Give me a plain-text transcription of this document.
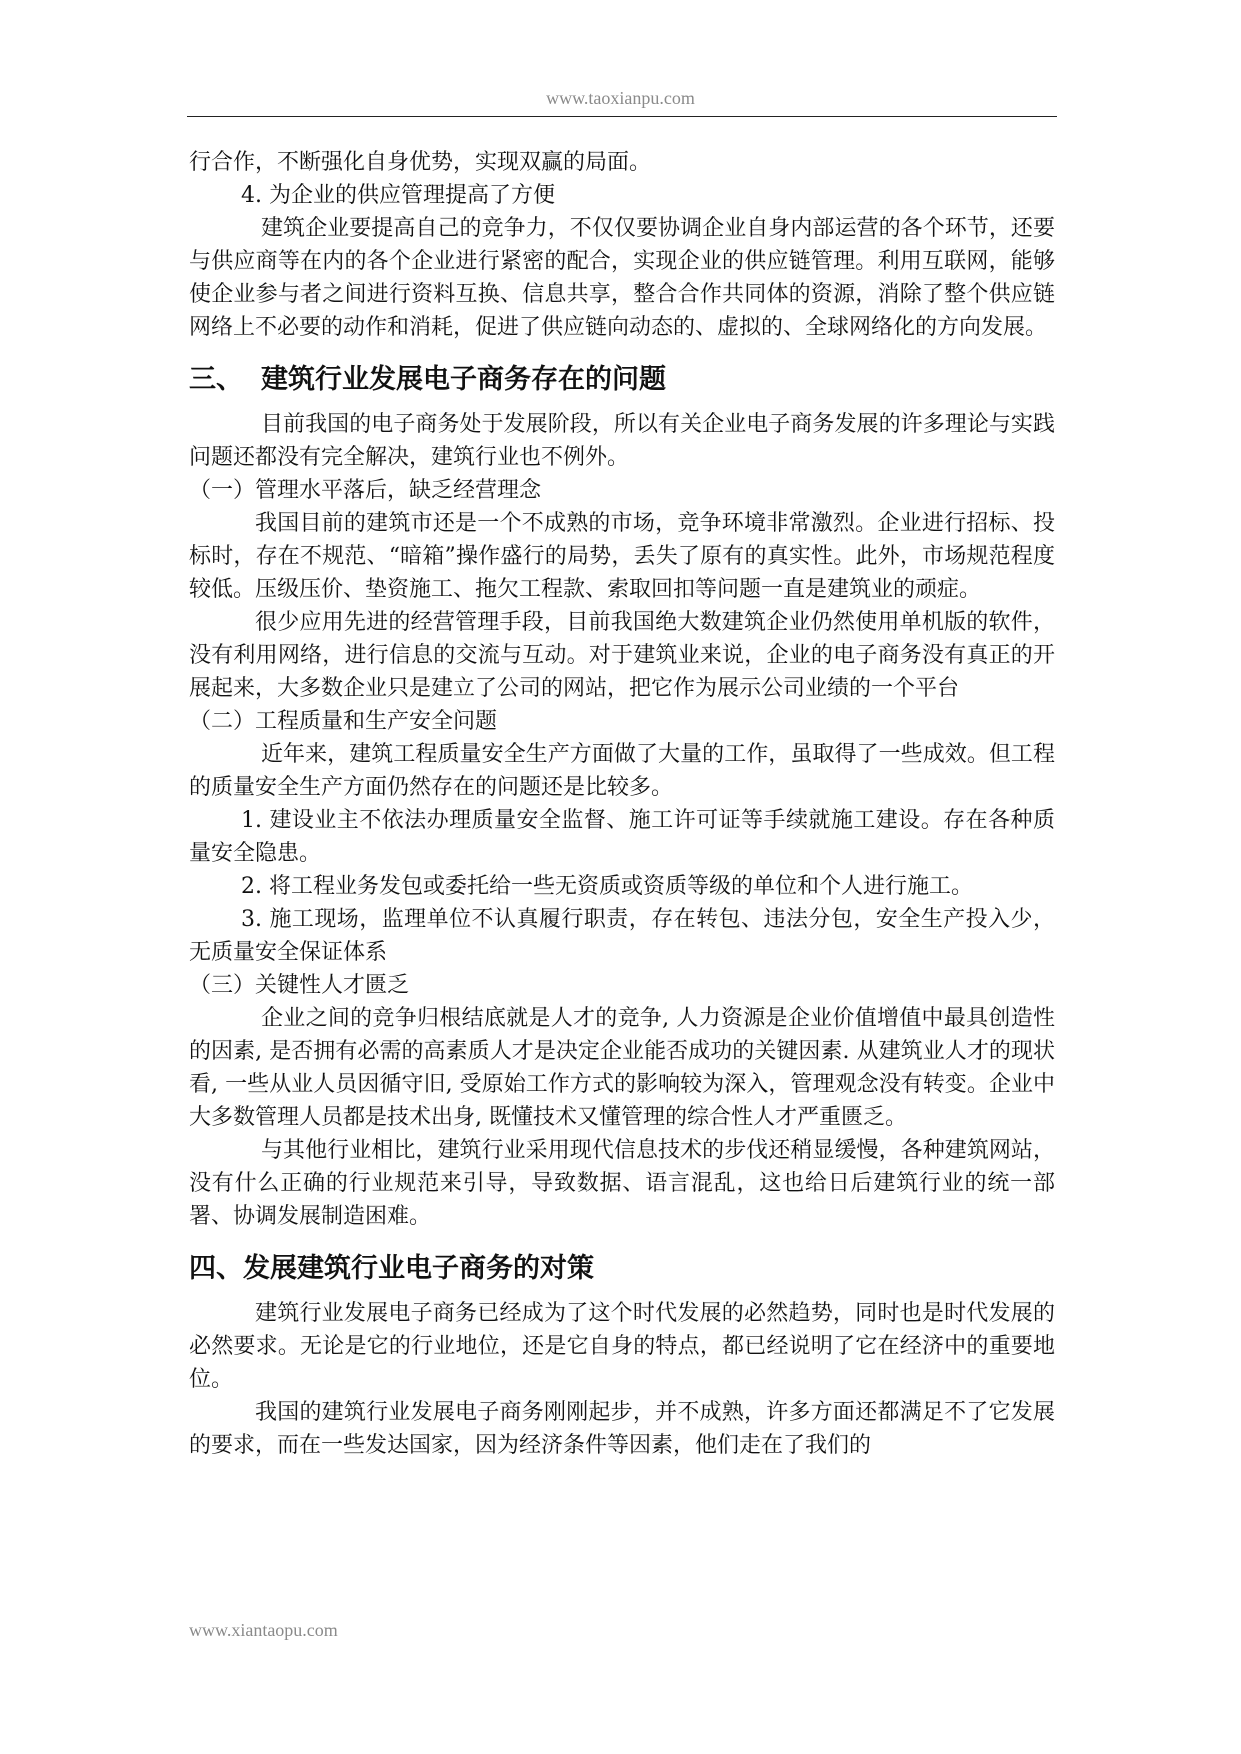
www.taoxianpu.com

行合作，不断强化自身优势，实现双赢的局面。

4. 为企业的供应管理提高了方便

建筑企业要提高自己的竞争力，不仅仅要协调企业自身内部运营的各个环节，还要与供应商等在内的各个企业进行紧密的配合，实现企业的供应链管理。利用互联网，能够使企业参与者之间进行资料互换、信息共享，整合合作共同体的资源，消除了整个供应链网络上不必要的动作和消耗，促进了供应链向动态的、虚拟的、全球网络化的方向发展。

三、 建筑行业发展电子商务存在的问题

目前我国的电子商务处于发展阶段，所以有关企业电子商务发展的许多理论与实践问题还都没有完全解决，建筑行业也不例外。

（一）管理水平落后，缺乏经营理念

我国目前的建筑市还是一个不成熟的市场，竞争环境非常激烈。企业进行招标、投标时，存在不规范、“暗箱”操作盛行的局势，丢失了原有的真实性。此外，市场规范程度较低。压级压价、垫资施工、拖欠工程款、索取回扣等问题一直是建筑业的顽症。

很少应用先进的经营管理手段，目前我国绝大数建筑企业仍然使用单机版的软件，没有利用网络，进行信息的交流与互动。对于建筑业来说，企业的电子商务没有真正的开展起来，大多数企业只是建立了公司的网站，把它作为展示公司业绩的一个平台

（二）工程质量和生产安全问题

近年来，建筑工程质量安全生产方面做了大量的工作，虽取得了一些成效。但工程的质量安全生产方面仍然存在的问题还是比较多。

1. 建设业主不依法办理质量安全监督、施工许可证等手续就施工建设。存在各种质量安全隐患。

2. 将工程业务发包或委托给一些无资质或资质等级的单位和个人进行施工。

3. 施工现场，监理单位不认真履行职责，存在转包、违法分包，安全生产投入少，无质量安全保证体系

（三）关键性人才匮乏

企业之间的竞争归根结底就是人才的竞争, 人力资源是企业价值增值中最具创造性的因素, 是否拥有必需的高素质人才是决定企业能否成功的关键因素. 从建筑业人才的现状看, 一些从业人员因循守旧, 受原始工作方式的影响较为深入，管理观念没有转变。企业中大多数管理人员都是技术出身, 既懂技术又懂管理的综合性人才严重匮乏。

与其他行业相比，建筑行业采用现代信息技术的步伐还稍显缓慢，各种建筑网站，没有什么正确的行业规范来引导，导致数据、语言混乱，这也给日后建筑行业的统一部署、协调发展制造困难。

四、发展建筑行业电子商务的对策

建筑行业发展电子商务已经成为了这个时代发展的必然趋势，同时也是时代发展的必然要求。无论是它的行业地位，还是它自身的特点，都已经说明了它在经济中的重要地位。

我国的建筑行业发展电子商务刚刚起步，并不成熟，许多方面还都满足不了它发展的要求，而在一些发达国家，因为经济条件等因素，他们走在了我们的

www.xiantaopu.com
